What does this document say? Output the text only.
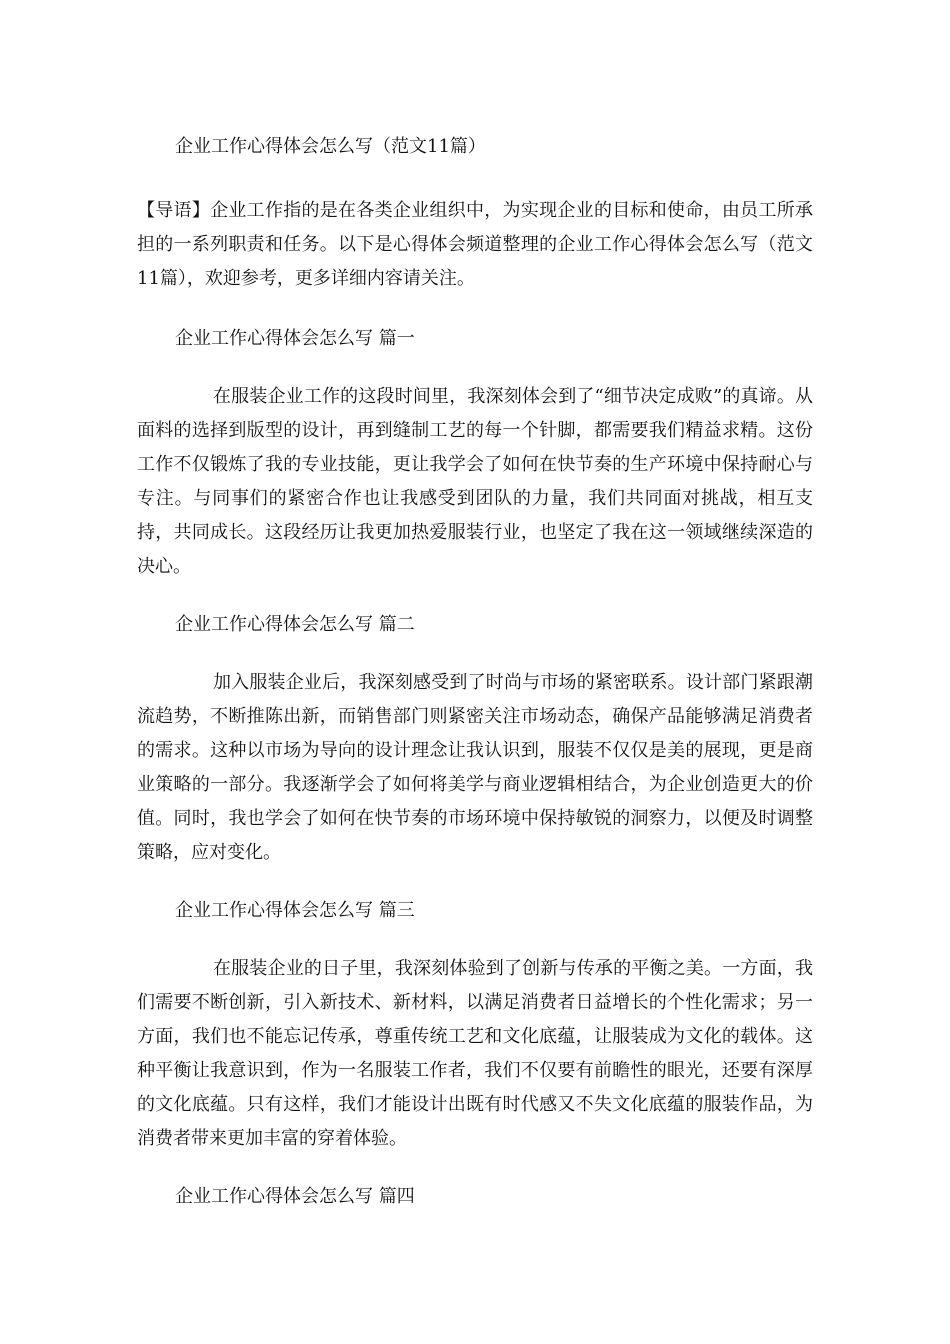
企业工作心得体会怎么写（范文11篇）

【导语】企业工作指的是在各类企业组织中，为实现企业的目标和使命，由员工所承担的一系列职责和任务。以下是心得体会频道整理的企业工作心得体会怎么写（范文11篇），欢迎参考，更多详细内容请关注。

企业工作心得体会怎么写 篇一

在服装企业工作的这段时间里，我深刻体会到了“细节决定成败”的真谛。从面料的选择到版型的设计，再到缝制工艺的每一个针脚，都需要我们精益求精。这份工作不仅锻炼了我的专业技能，更让我学会了如何在快节奏的生产环境中保持耐心与专注。与同事们的紧密合作也让我感受到团队的力量，我们共同面对挑战，相互支持，共同成长。这段经历让我更加热爱服装行业，也坚定了我在这一领域继续深造的决心。

企业工作心得体会怎么写 篇二

加入服装企业后，我深刻感受到了时尚与市场的紧密联系。设计部门紧跟潮流趋势，不断推陈出新，而销售部门则紧密关注市场动态，确保产品能够满足消费者的需求。这种以市场为导向的设计理念让我认识到，服装不仅仅是美的展现，更是商业策略的一部分。我逐渐学会了如何将美学与商业逻辑相结合，为企业创造更大的价值。同时，我也学会了如何在快节奏的市场环境中保持敏锐的洞察力，以便及时调整策略，应对变化。

企业工作心得体会怎么写 篇三

在服装企业的日子里，我深刻体验到了创新与传承的平衡之美。一方面，我们需要不断创新，引入新技术、新材料，以满足消费者日益增长的个性化需求；另一方面，我们也不能忘记传承，尊重传统工艺和文化底蕴，让服装成为文化的载体。这种平衡让我意识到，作为一名服装工作者，我们不仅要有前瞻性的眼光，还要有深厚的文化底蕴。只有这样，我们才能设计出既有时代感又不失文化底蕴的服装作品，为消费者带来更加丰富的穿着体验。

企业工作心得体会怎么写 篇四
